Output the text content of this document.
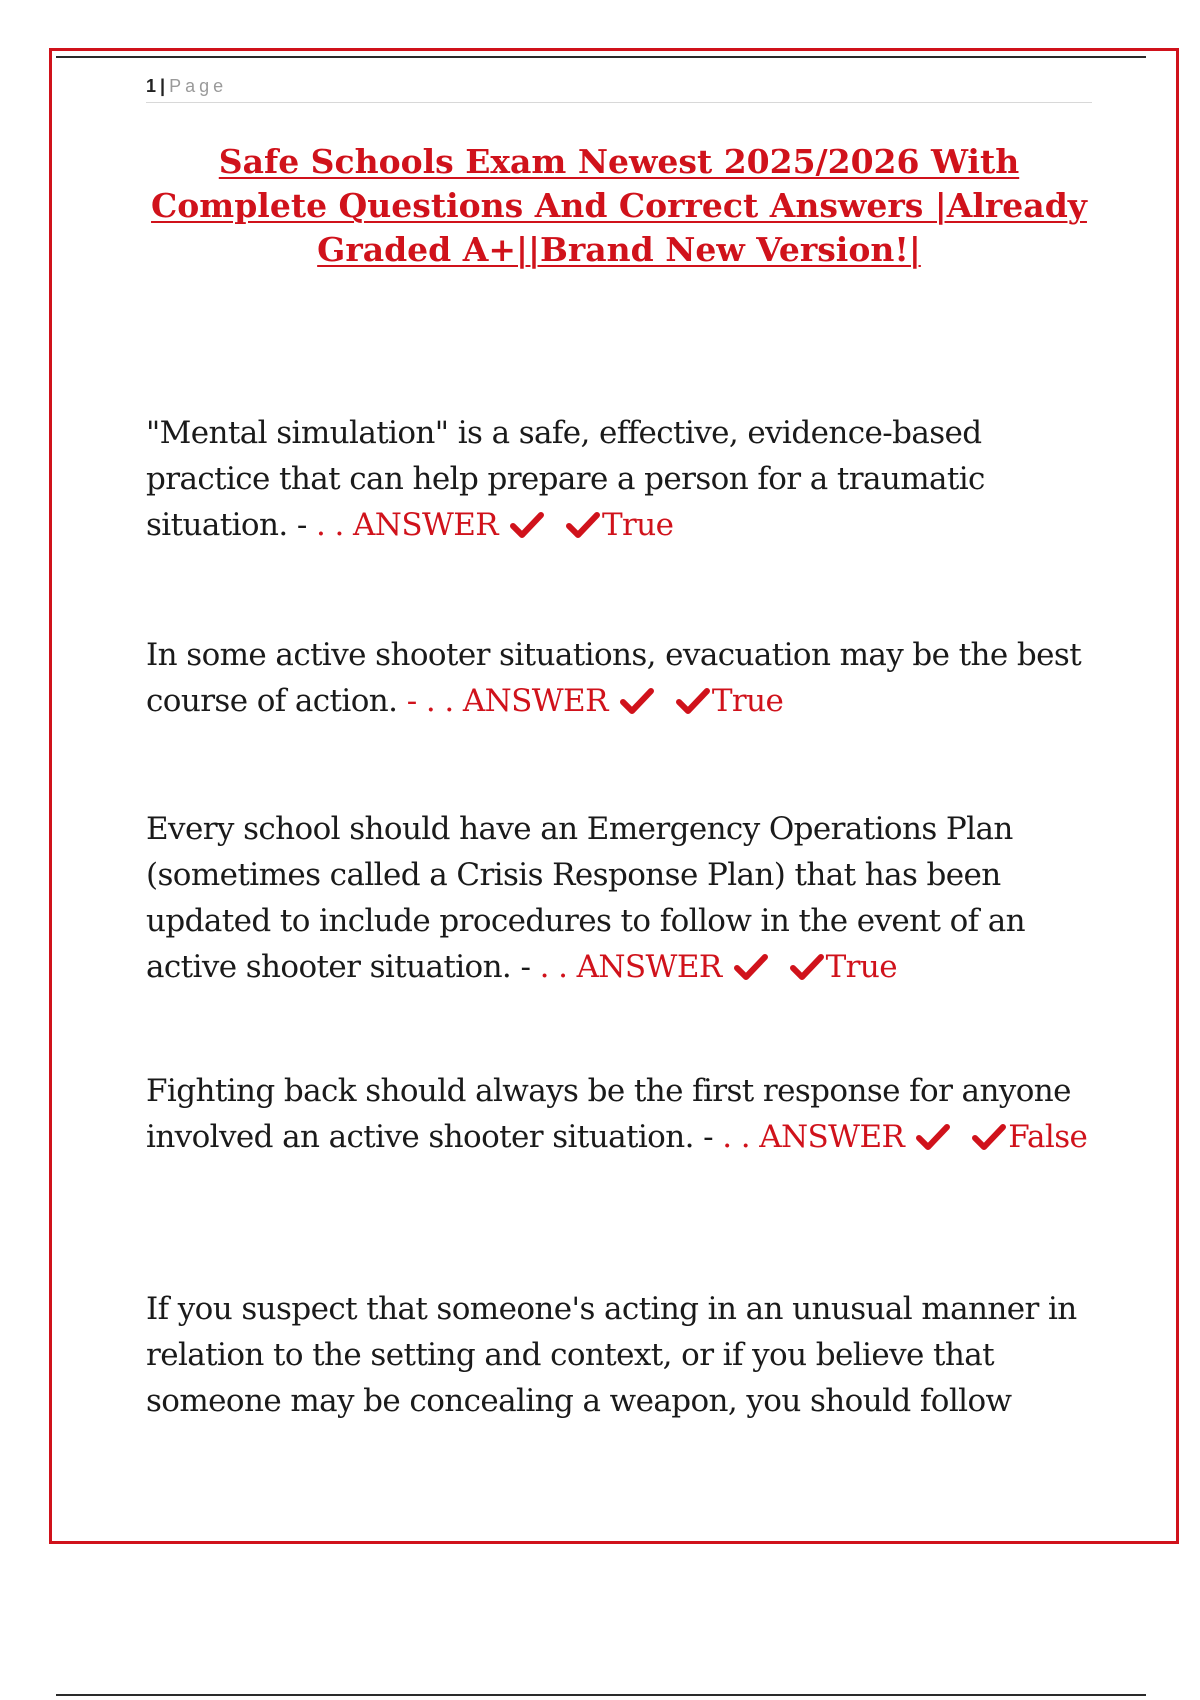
1 | Page
Safe Schools Exam Newest 2025/2026 With Complete Questions And Correct Answers |Already Graded A+||Brand New Version!|

"Mental simulation" is a safe, effective, evidence-based practice that can help prepare a person for a traumatic situation. - . . ANSWER	True

In some active shooter situations, evacuation may be the best course of action. - . . ANSWER	True

Every school should have an Emergency Operations Plan (sometimes called a Crisis Response Plan) that has been updated to include procedures to follow in the event of an active shooter situation. - . . ANSWER	True

Fighting back should always be the first response for anyone involved an active shooter situation. - . . ANSWER	False

If you suspect that someone's acting in an unusual manner in relation to the setting and context, or if you believe that someone may be concealing a weapon, you should follow
